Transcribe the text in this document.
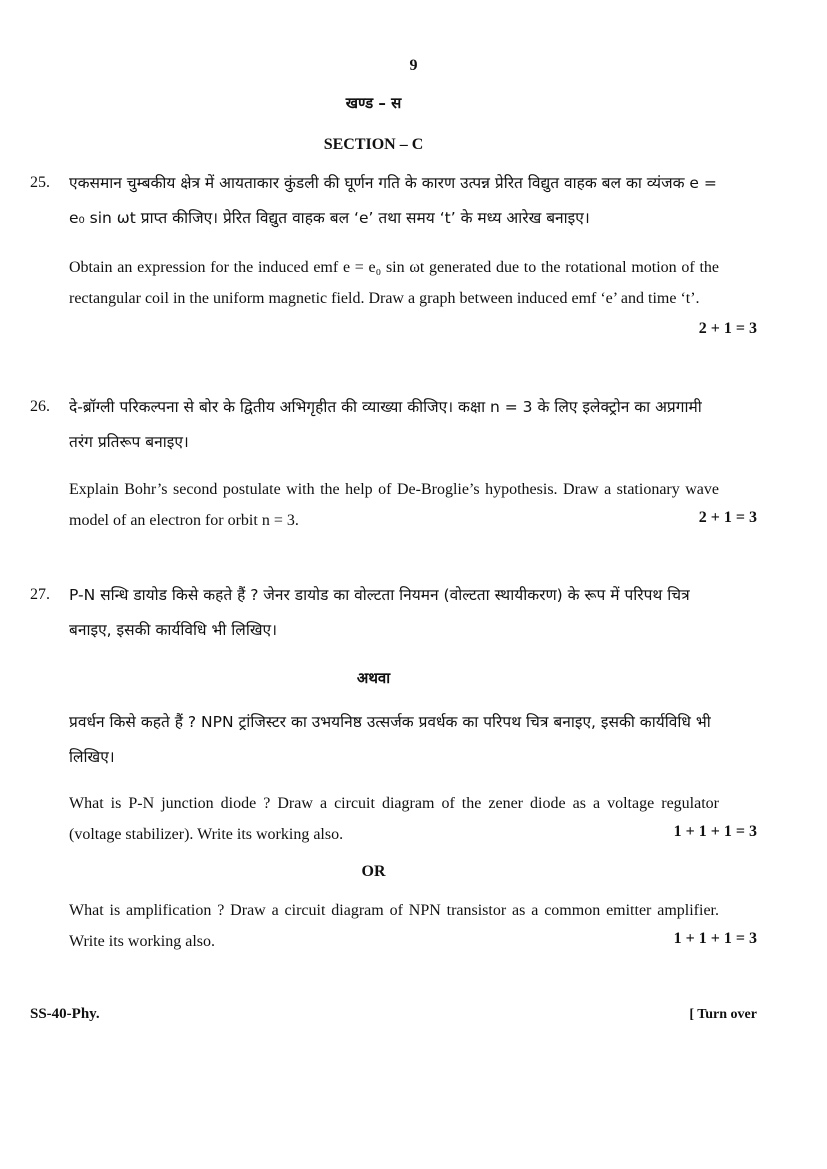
9
खण्ड – स
SECTION – C
25. एकसमान चुम्बकीय क्षेत्र में आयताकार कुंडली की घूर्णन गति के कारण उत्पन्न प्रेरित विद्युत वाहक बल का व्यंजक e = e₀ sin ωt प्राप्त कीजिए। प्रेरित विद्युत वाहक बल ‘e’ तथा समय ‘t’ के मध्य आरेख बनाइए।
Obtain an expression for the induced emf e = e₀ sin ωt generated due to the rotational motion of the rectangular coil in the uniform magnetic field. Draw a graph between induced emf ‘e’ and time ‘t’.
2 + 1 = 3
26. दे-ब्रॉग्ली परिकल्पना से बोर के द्वितीय अभिगृहीत की व्याख्या कीजिए। कक्षा n = 3 के लिए इलेक्ट्रोन का अप्रगामी तरंग प्रतिरूप बनाइए।
Explain Bohr’s second postulate with the help of De-Broglie’s hypothesis. Draw a stationary wave model of an electron for orbit n = 3.	2 + 1 = 3
27. P-N सन्धि डायोड किसे कहते हैं ? जेनर डायोड का वोल्टता नियमन (वोल्टता स्थायीकरण) के रूप में परिपथ चित्र बनाइए, इसकी कार्यविधि भी लिखिए।
अथवा
प्रवर्धन किसे कहते हैं ? NPN ट्रांजिस्टर का उभयनिष्ठ उत्सर्जक प्रवर्धक का परिपथ चित्र बनाइए, इसकी कार्यविधि भी लिखिए।
What is P-N junction diode ? Draw a circuit diagram of the zener diode as a voltage regulator (voltage stabilizer). Write its working also.	1 + 1 + 1 = 3
OR
What is amplification ? Draw a circuit diagram of NPN transistor as a common emitter amplifier. Write its working also.	1 + 1 + 1 = 3
SS-40-Phy.	[ Turn over
